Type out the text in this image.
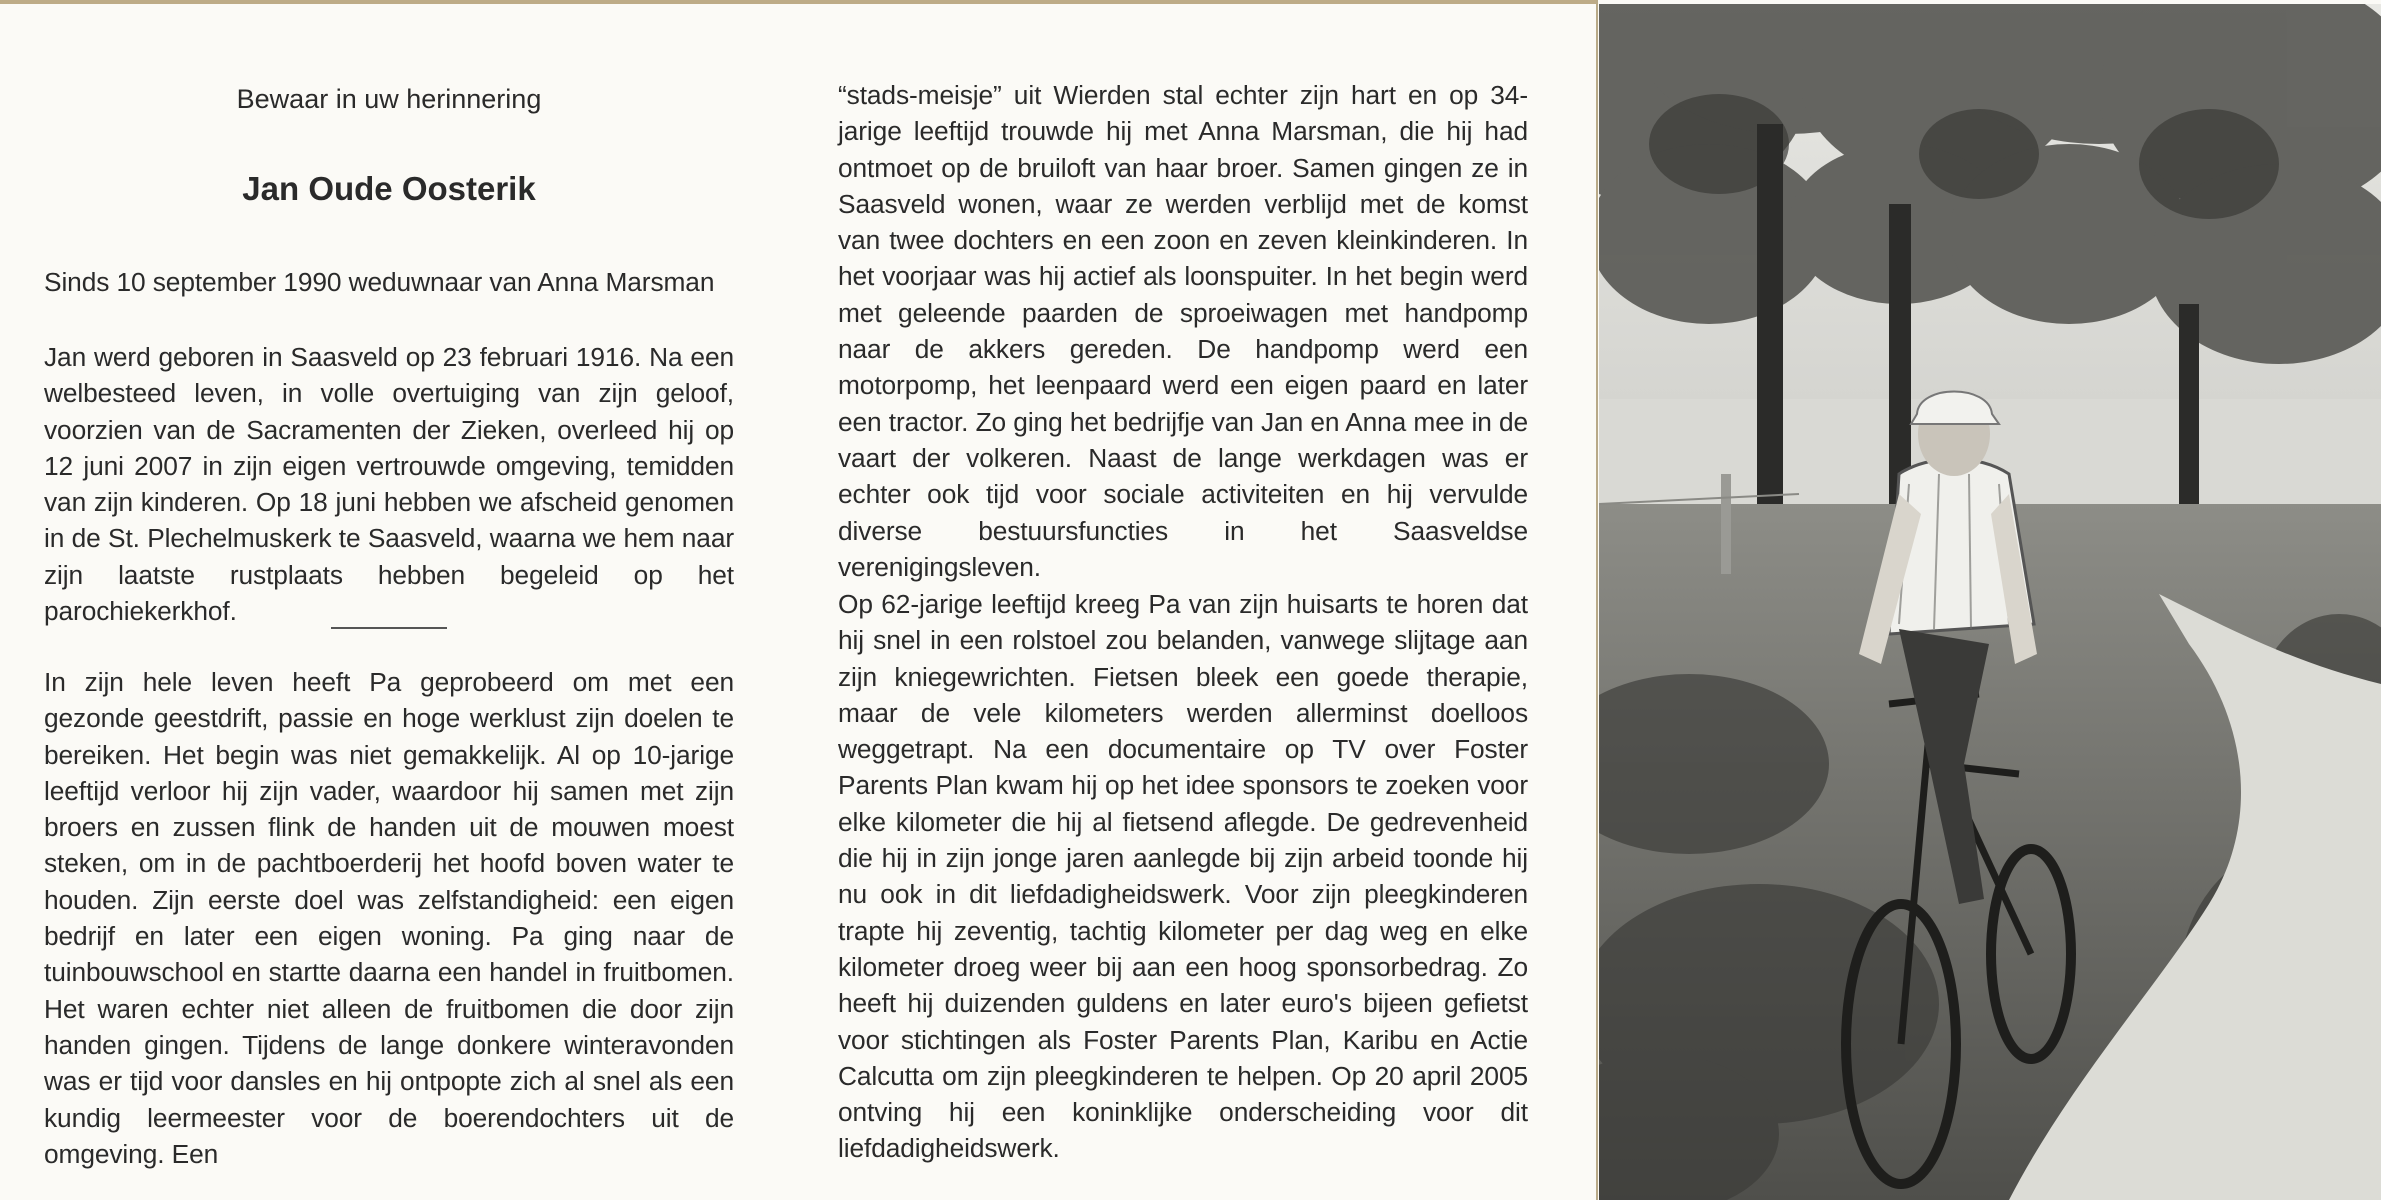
Bewaar in uw herinnering
Jan Oude Oosterik

Sinds 10 september 1990 weduwnaar van Anna Marsman

Jan werd geboren in Saasveld op 23 februari 1916. Na een welbesteed leven, in volle overtuiging van zijn geloof, voorzien van de Sacramenten der Zieken, overleed hij op 12 juni 2007 in zijn eigen vertrouwde omgeving, temidden van zijn kinderen. Op 18 juni hebben we afscheid genomen in de St. Plechelmuskerk te Saasveld, waarna we hem naar zijn laatste rustplaats hebben begeleid op het parochiekerkhof.

In zijn hele leven heeft Pa geprobeerd om met een gezonde geestdrift, passie en hoge werklust zijn doelen te bereiken. Het begin was niet gemakkelijk. Al op 10-jarige leeftijd verloor hij zijn vader, waardoor hij samen met zijn broers en zussen flink de handen uit de mouwen moest steken, om in de pachtboerderij het hoofd boven water te houden. Zijn eerste doel was zelfstandigheid: een eigen bedrijf en later een eigen woning. Pa ging naar de tuinbouwschool en startte daarna een handel in fruitbomen. Het waren echter niet alleen de fruitbomen die door zijn handen gingen. Tijdens de lange donkere winteravonden was er tijd voor dansles en hij ontpopte zich al snel als een kundig leermeester voor de boerendochters uit de omgeving. Een

“stads-meisje” uit Wierden stal echter zijn hart en op 34-jarige leeftijd trouwde hij met Anna Marsman, die hij had ontmoet op de bruiloft van haar broer. Samen gingen ze in Saasveld wonen, waar ze werden verblijd met de komst van twee dochters en een zoon en zeven kleinkinderen. In het voorjaar was hij actief als loonspuiter. In het begin werd met geleende paarden de sproeiwagen met handpomp naar de akkers gereden. De handpomp werd een motorpomp, het leenpaard werd een eigen paard en later een tractor. Zo ging het bedrijfje van Jan en Anna mee in de vaart der volkeren. Naast de lange werkdagen was er echter ook tijd voor sociale activiteiten en hij vervulde diverse bestuursfuncties in het Saasveldse verenigingsleven.

Op 62-jarige leeftijd kreeg Pa van zijn huisarts te horen dat hij snel in een rolstoel zou belanden, vanwege slijtage aan zijn kniegewrichten. Fietsen bleek een goede therapie, maar de vele kilometers werden allerminst doelloos weggetrapt. Na een documentaire op TV over Foster Parents Plan kwam hij op het idee sponsors te zoeken voor elke kilometer die hij al fietsend aflegde. De gedrevenheid die hij in zijn jonge jaren aanlegde bij zijn arbeid toonde hij nu ook in dit liefdadigheidswerk. Voor zijn pleegkinderen trapte hij zeventig, tachtig kilometer per dag weg en elke kilometer droeg weer bij aan een hoog sponsorbedrag. Zo heeft hij duizenden guldens en later euro's bijeen gefietst voor stichtingen als Foster Parents Plan, Karibu en Actie Calcutta om zijn pleegkinderen te helpen. Op 20 april 2005 ontving hij een koninklijke onderscheiding voor dit liefdadigheidswerk.
